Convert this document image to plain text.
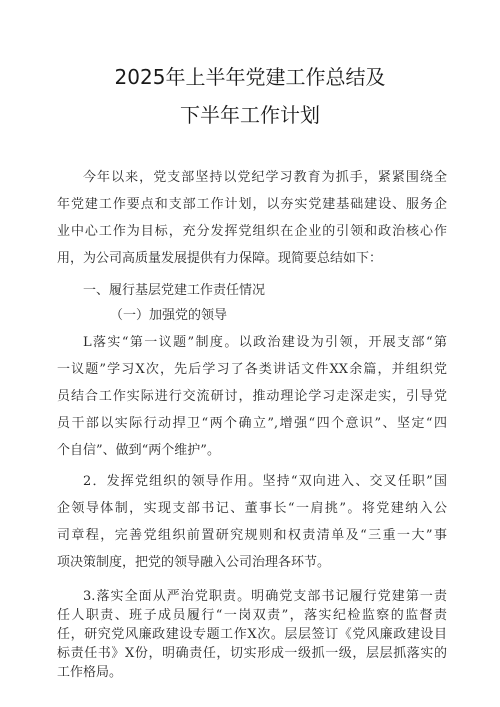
2025年上半年党建工作总结及
下半年工作计划
今年以来，党支部坚持以党纪学习教育为抓手，紧紧围绕全
年党建工作要点和支部工作计划，以夯实党建基础建设、服务企
业中心工作为目标，充分发挥党组织在企业的引领和政治核心作
用，为公司高质量发展提供有力保障。现简要总结如下：
一、履行基层党建工作责任情况
（一）加强党的领导
L落实“第一议题”制度。以政治建设为引领，开展支部“第
一议题”学习X次，先后学习了各类讲话文件XX余篇，并组织党
员结合工作实际进行交流研讨，推动理论学习走深走实，引导党
员干部以实际行动捍卫“两个确立”,增强“四个意识”、坚定“四
个自信”、做到“两个维护”。
2．发挥党组织的领导作用。坚持“双向进入、交叉任职”国
企领导体制，实现支部书记、董事长“一肩挑”。将党建纳入公
司章程，完善党组织前置研究规则和权责清单及“三重一大”事
项决策制度，把党的领导融入公司治理各环节。
3.落实全面从严治党职责。明确党支部书记履行党建第一责
任人职责、班子成员履行“一岗双责”，落实纪检监察的监督责
任，研究党风廉政建设专题工作X次。层层签订《党风廉政建设目
标责任书》X份，明确责任，切实形成一级抓一级，层层抓落实的
工作格局。
